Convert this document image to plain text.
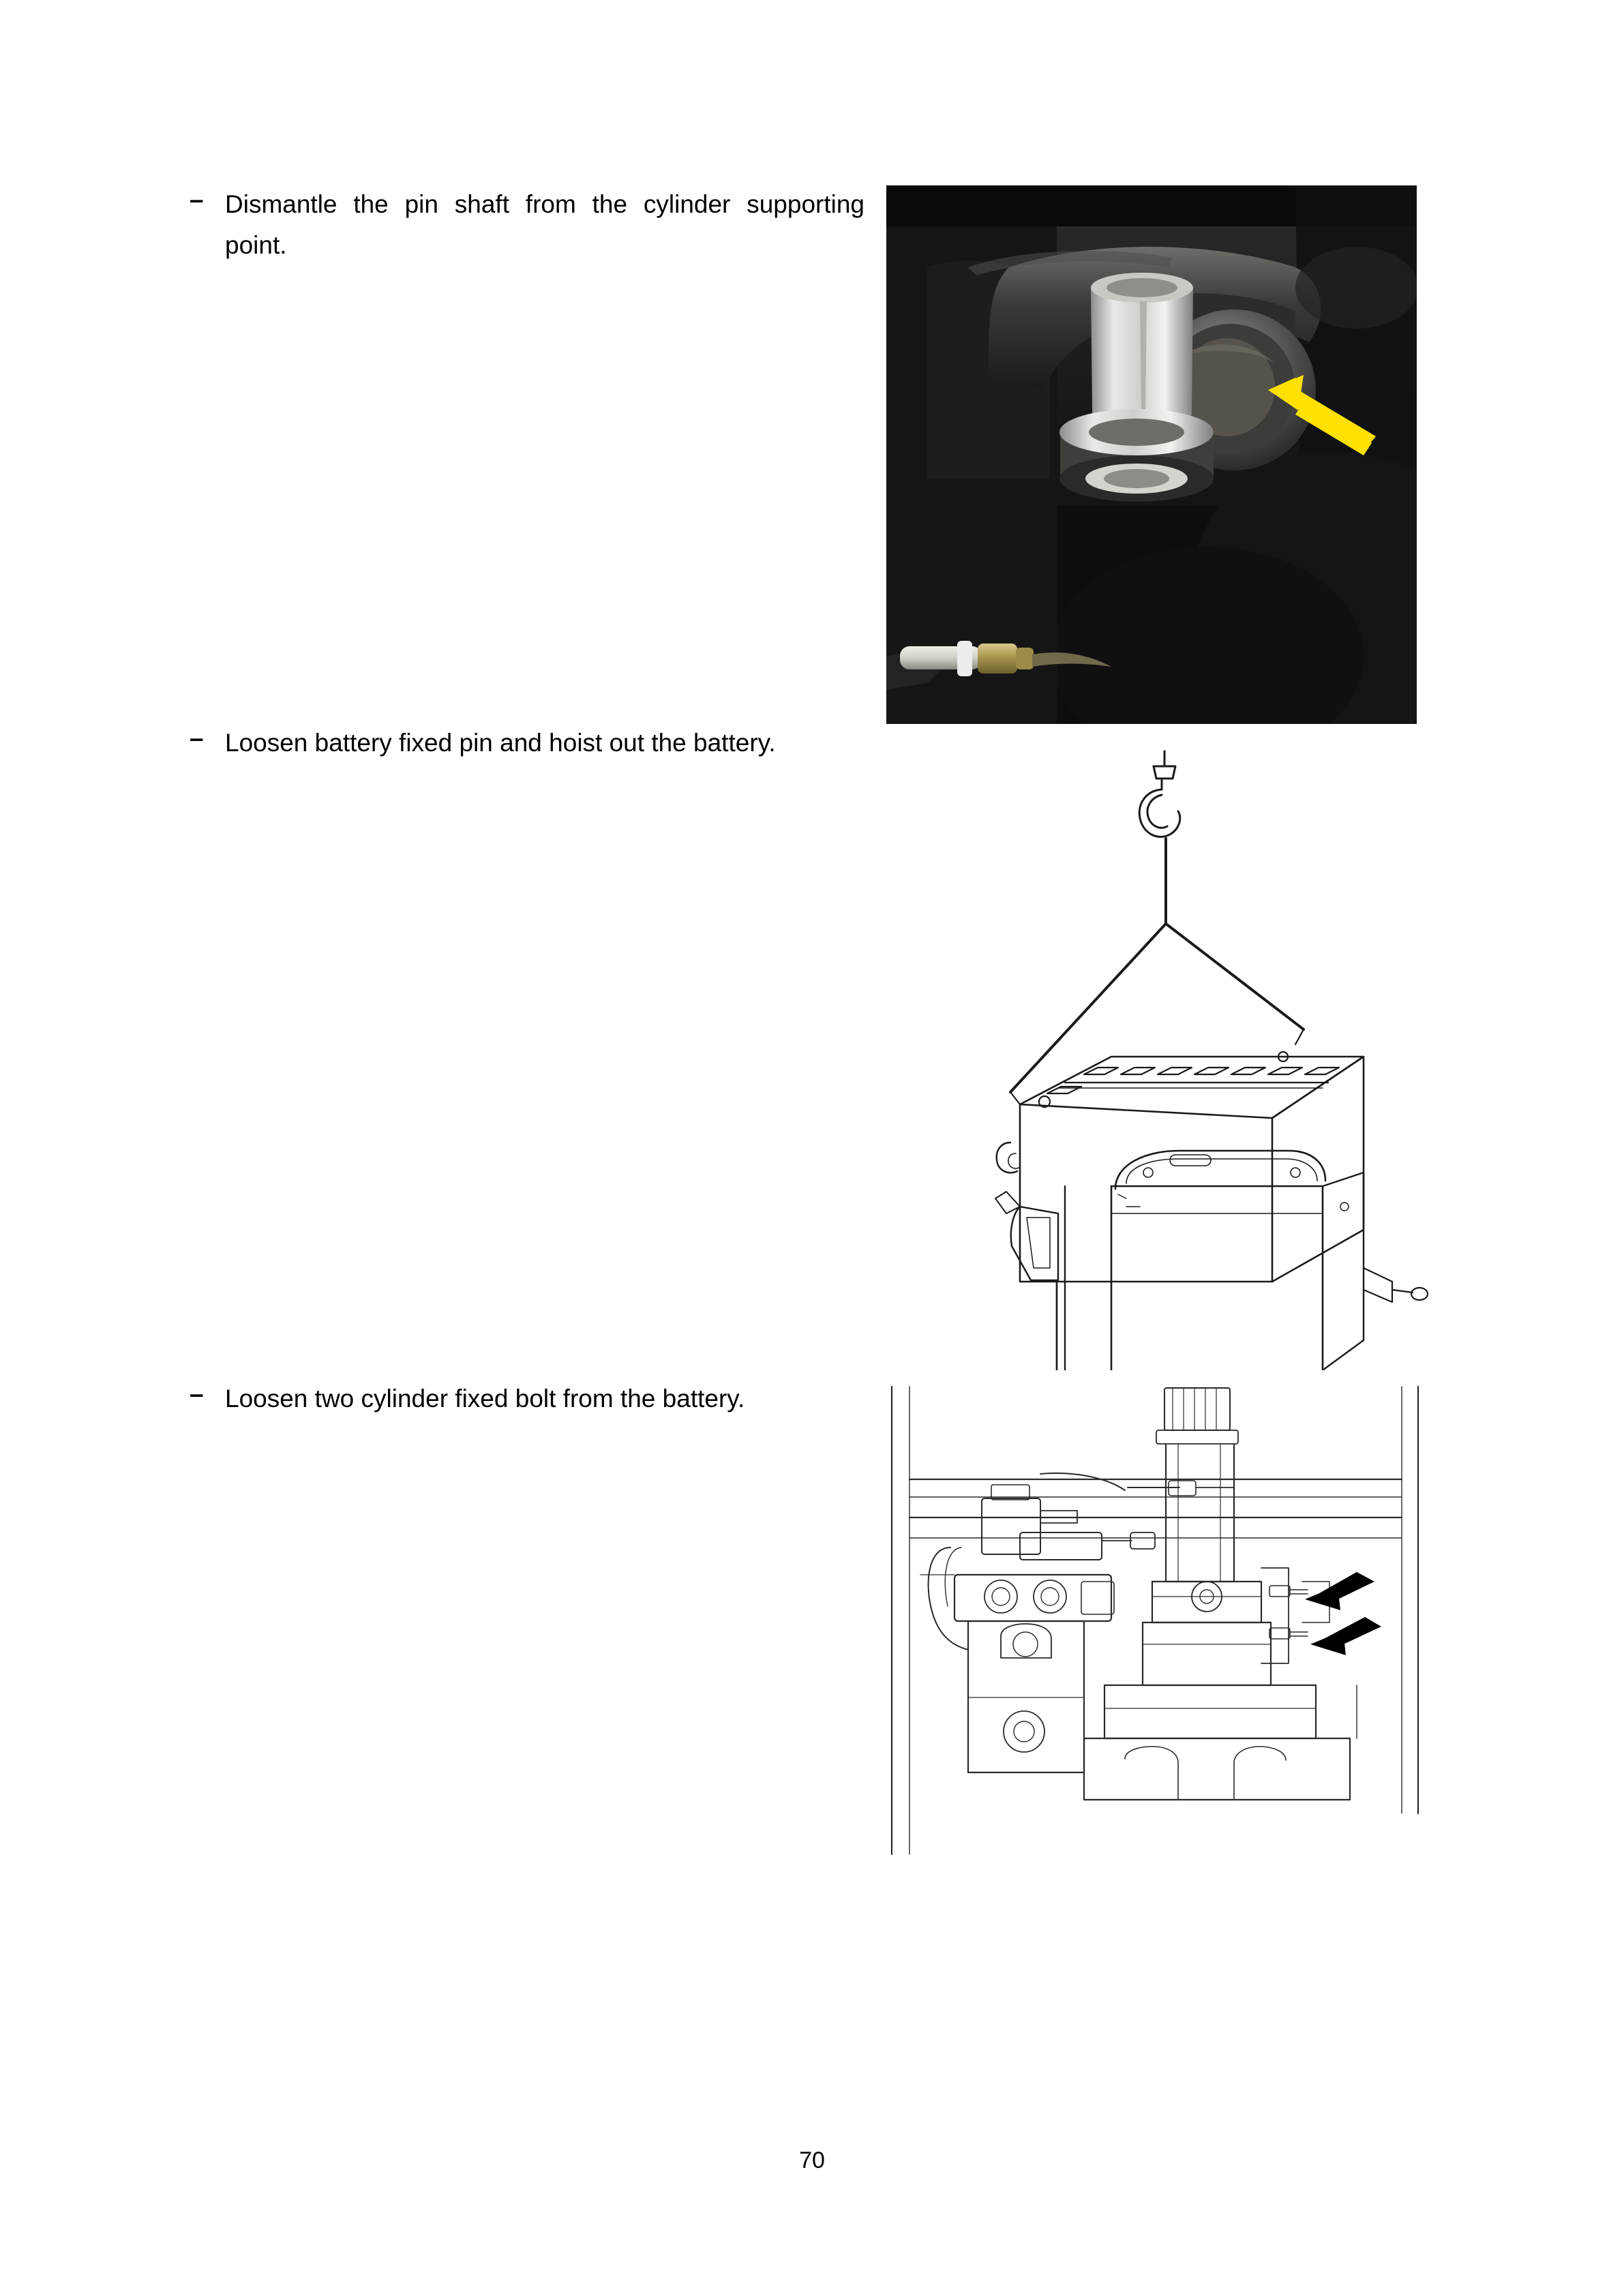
– Dismantle the pin shaft from the cylinder supporting point.
– Loosen battery fixed pin and hoist out the battery.
– Loosen two cylinder fixed bolt from the battery.
70
